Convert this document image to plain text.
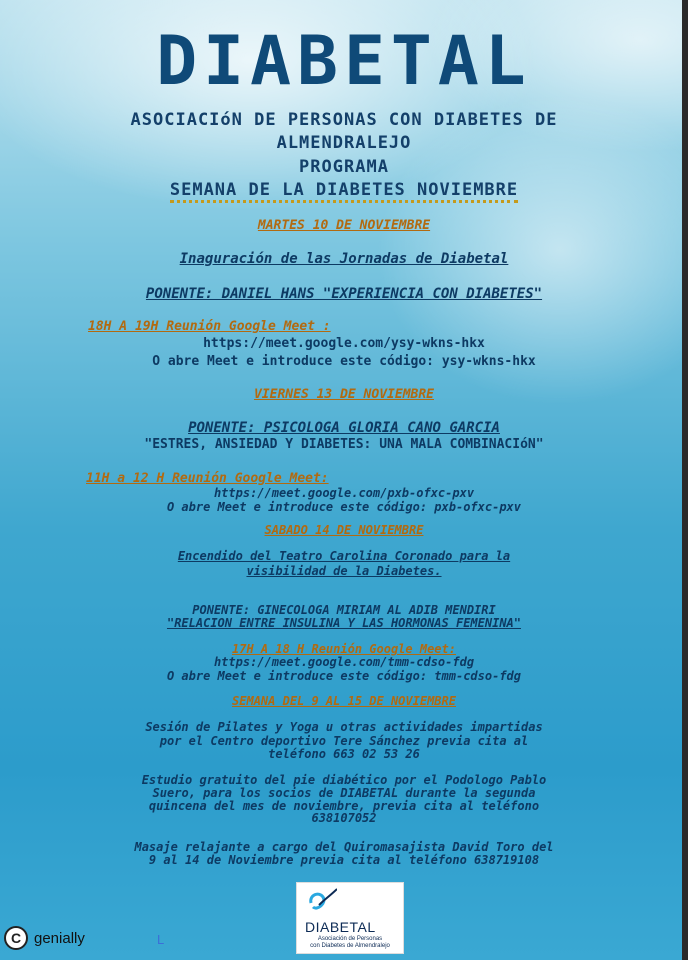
DIABETAL

ASOCIACIóN DE PERSONAS CON DIABETES DE

ALMENDRALEJO

PROGRAMA

SEMANA DE LA DIABETES NOVIEMBRE

MARTES 10 DE NOVIEMBRE

Inaguración de las Jornadas de Diabetal

PONENTE: DANIEL HANS "EXPERIENCIA CON DIABETES"

18H A 19H Reunión Google Meet :

https://meet.google.com/ysy-wkns-hkx

O abre Meet e introduce este código: ysy-wkns-hkx

VIERNES 13 DE NOVIEMBRE

PONENTE: PSICOLOGA GLORIA CANO GARCIA

"ESTRES, ANSIEDAD Y DIABETES: UNA MALA COMBINACIóN"

11H a 12 H Reunión Google Meet:

https://meet.google.com/pxb-ofxc-pxv

O abre Meet e introduce este código: pxb-ofxc-pxv

SABADO 14 DE NOVIEMBRE

Encendido del Teatro Carolina Coronado para la

visibilidad de la Diabetes.

PONENTE: GINECOLOGA MIRIAM AL ADIB MENDIRI

"RELACION ENTRE INSULINA Y LAS HORMONAS FEMENINA"

17H A 18 H Reunión Google Meet:

https://meet.google.com/tmm-cdso-fdg

O abre Meet e introduce este código: tmm-cdso-fdg

SEMANA DEL 9 AL 15 DE NOVIEMBRE

Sesión de Pilates y Yoga u otras actividades impartidas

por el Centro deportivo Tere Sánchez previa cita al

teléfono 663 02 53 26

Estudio gratuito del pie diabético por el Podologo Pablo

Suero, para los socios de DIABETAL durante la segunda

quincena del mes de noviembre, previa cita al teléfono

638107052

Masaje relajante a cargo del Quiromasajista David Toro del

9 al 14 de Noviembre previa cita al teléfono 638719108

DIABETAL
Asociación de Personas
con Diabetes de Almendralejo
C genially	L
